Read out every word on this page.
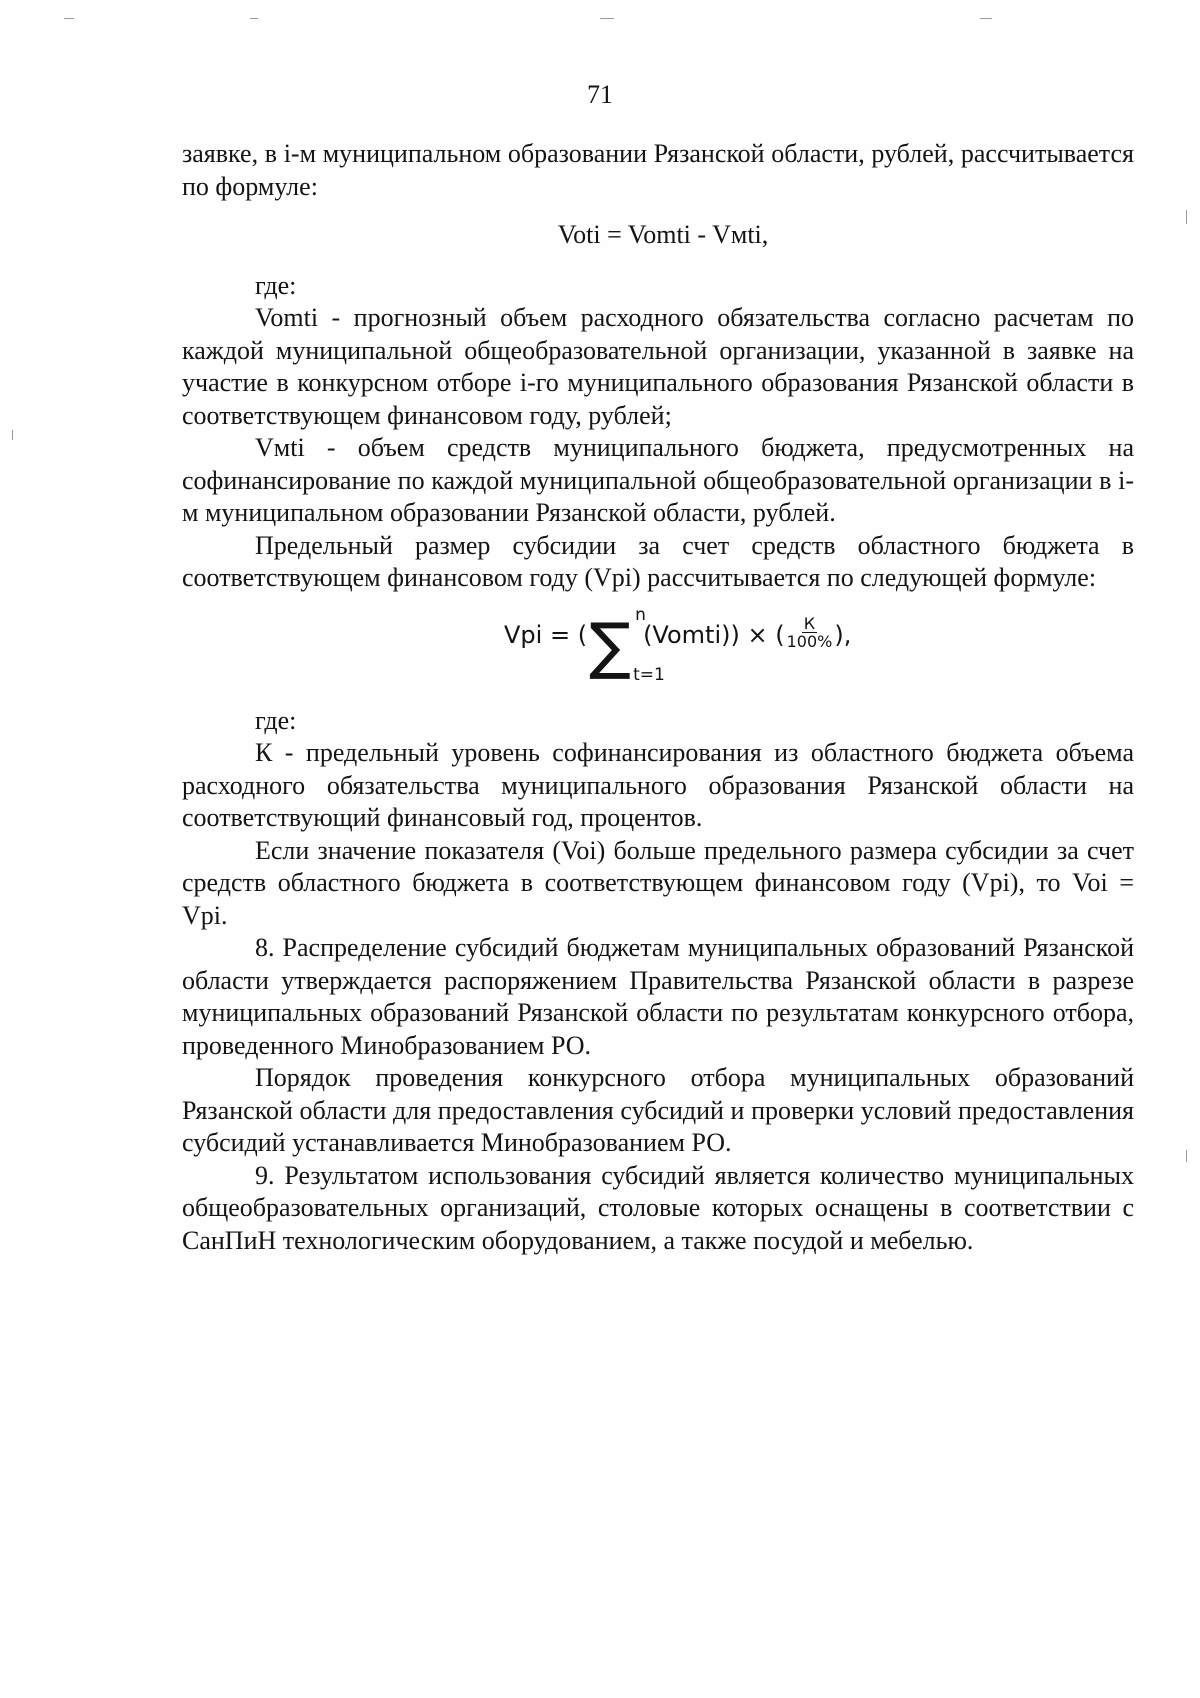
71

заявке, в i-м муниципальном образовании Рязанской области, рублей, рассчитывается по формуле:

Voti = Vomti - Vмti,

где:

Vomti - прогнозный объем расходного обязательства согласно расчетам по каждой муниципальной общеобразовательной организации, указанной в заявке на участие в конкурсном отборе i-го муниципального образования Рязанской области в соответствующем финансовом году, рублей;

Vмti - объем средств муниципального бюджета, предусмотренных на софинансирование по каждой муниципальной общеобразовательной организации в i-м муниципальном образовании Рязанской области, рублей.

Предельный размер субсидии за счет средств областного бюджета в соответствующем финансовом году (Vpi) рассчитывается по следующей формуле:

Vpi = ( ∑ n
t=1
(Vomti)) × ( $\frac{К}{100\%}$ ),

где:

К - предельный уровень софинансирования из областного бюджета объема расходного обязательства муниципального образования Рязанской области на соответствующий финансовый год, процентов.

Если значение показателя (Voi) больше предельного размера субсидии за счет средств областного бюджета в соответствующем финансовом году (Vpi), то Voi = Vpi.

8. Распределение субсидий бюджетам муниципальных образований Рязанской области утверждается распоряжением Правительства Рязанской области в разрезе муниципальных образований Рязанской области по результатам конкурсного отбора, проведенного Минобразованием РО.

Порядок проведения конкурсного отбора муниципальных образований Рязанской области для предоставления субсидий и проверки условий предоставления субсидий устанавливается Минобразованием РО.

9. Результатом использования субсидий является количество муниципальных общеобразовательных организаций, столовые которых оснащены в соответствии с СанПиН технологическим оборудованием, а также посудой и мебелью.
